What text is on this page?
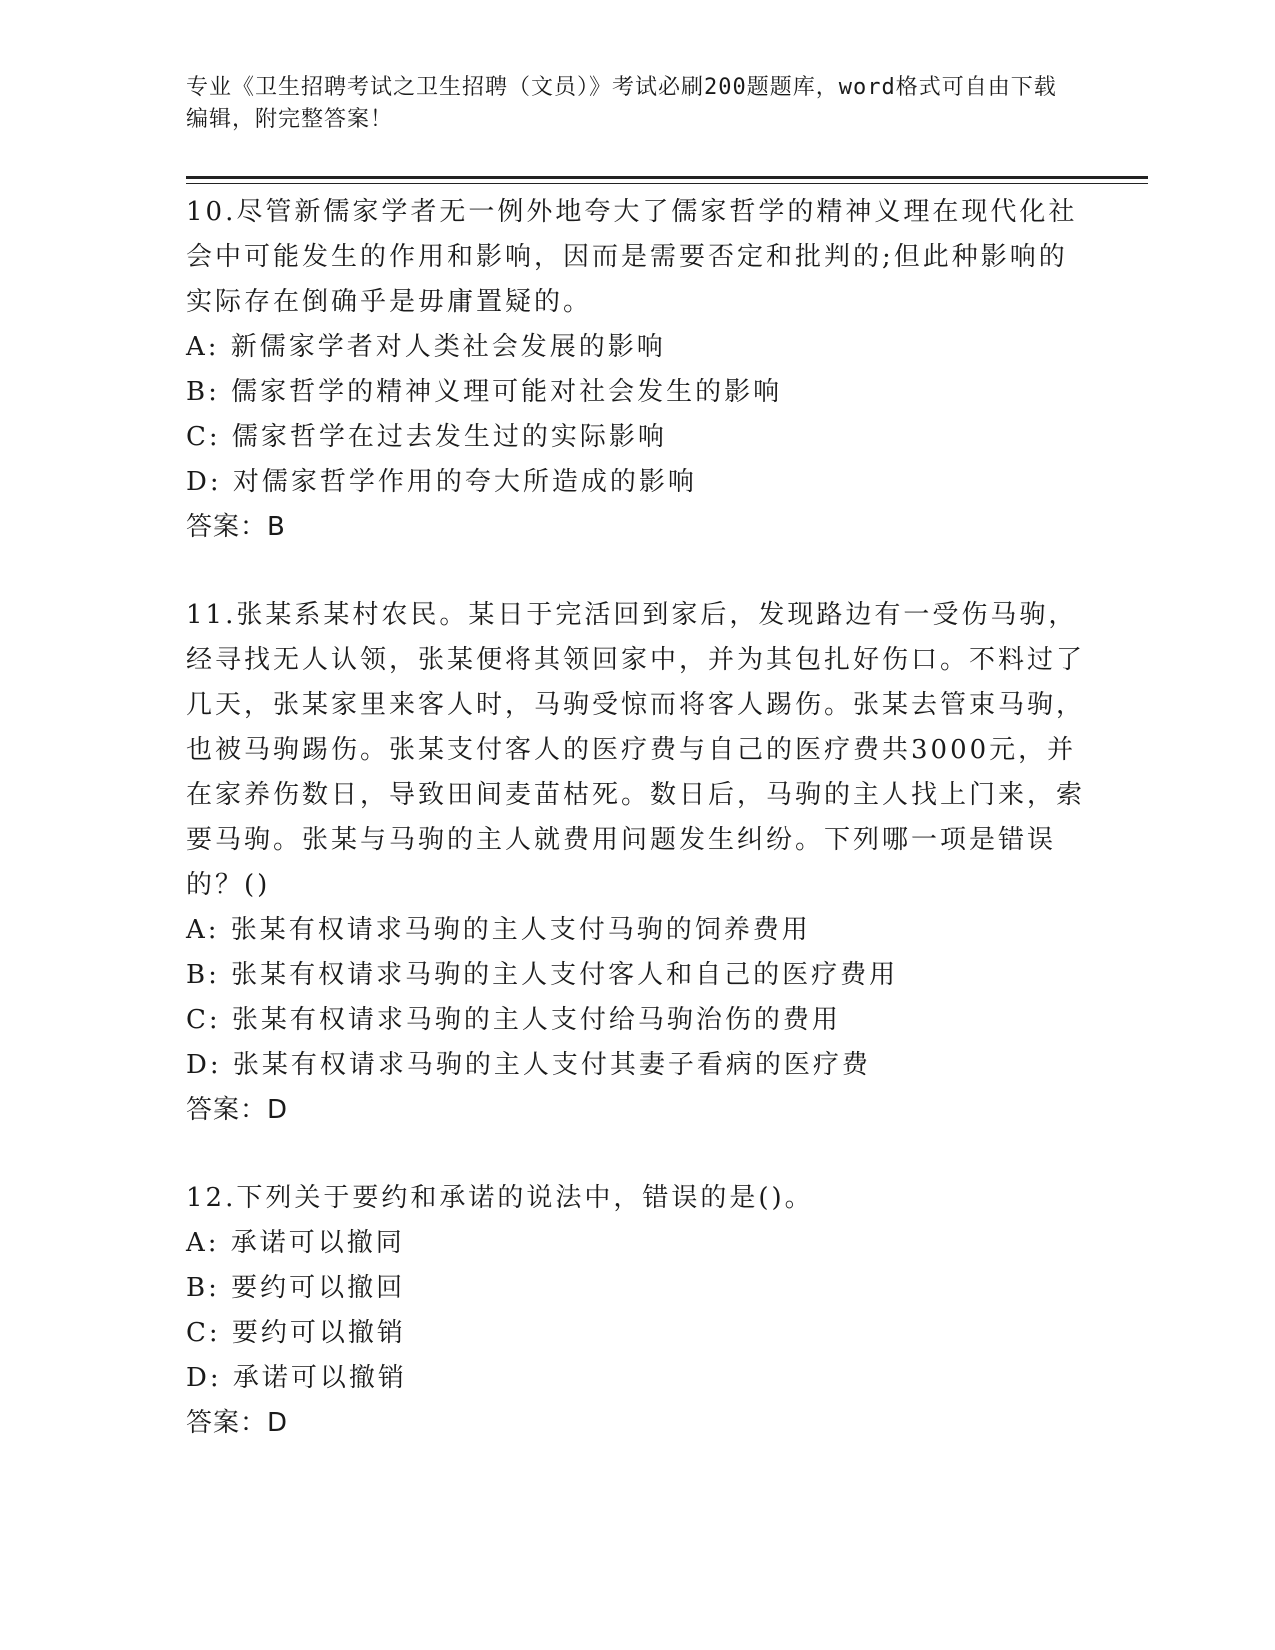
专业《卫生招聘考试之卫生招聘（文员）》考试必刷200题题库，word格式可自由下载编辑，附完整答案！

10.尽管新儒家学者无一例外地夸大了儒家哲学的精神义理在现代化社会中可能发生的作用和影响，因而是需要否定和批判的;但此种影响的实际存在倒确乎是毋庸置疑的。

A: 新儒家学者对人类社会发展的影响

B: 儒家哲学的精神义理可能对社会发生的影响

C: 儒家哲学在过去发生过的实际影响

D: 对儒家哲学作用的夸大所造成的影响

答案：B

11.张某系某村农民。某日于完活回到家后，发现路边有一受伤马驹，经寻找无人认领，张某便将其领回家中，并为其包扎好伤口。不料过了几天，张某家里来客人时，马驹受惊而将客人踢伤。张某去管束马驹，也被马驹踢伤。张某支付客人的医疗费与自己的医疗费共3000元，并在家养伤数日，导致田间麦苗枯死。数日后，马驹的主人找上门来，索要马驹。张某与马驹的主人就费用问题发生纠纷。下列哪一项是错误的？()

A: 张某有权请求马驹的主人支付马驹的饲养费用

B: 张某有权请求马驹的主人支付客人和自己的医疗费用

C: 张某有权请求马驹的主人支付给马驹治伤的费用

D: 张某有权请求马驹的主人支付其妻子看病的医疗费

答案：D

12.下列关于要约和承诺的说法中，错误的是()。

A: 承诺可以撤同

B: 要约可以撤回

C: 要约可以撤销

D: 承诺可以撤销

答案：D
